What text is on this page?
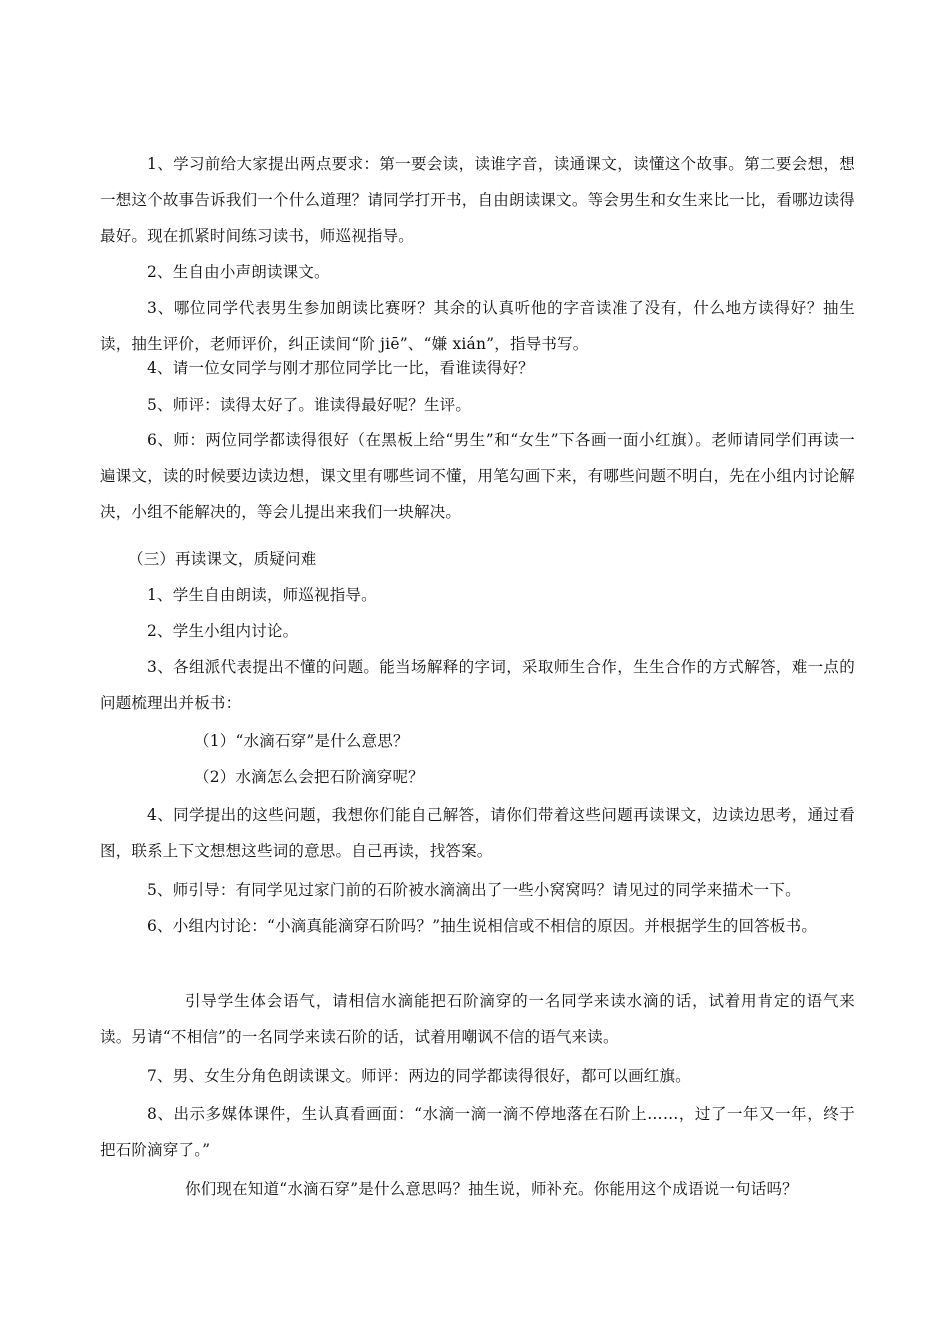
1、学习前给大家提出两点要求：第一要会读，读谁字音，读通课文，读懂这个故事。第二要会想，想一想这个故事告诉我们一个什么道理？请同学打开书，自由朗读课文。等会男生和女生来比一比，看哪边读得最好。现在抓紧时间练习读书，师巡视指导。

2、生自由小声朗读课文。

3、哪位同学代表男生参加朗读比赛呀？其余的认真听他的字音读准了没有，什么地方读得好？抽生读，抽生评价，老师评价，纠正读间“阶 jiē”、“嫌 xián”，指导书写。

4、请一位女同学与刚才那位同学比一比，看谁读得好？

5、师评：读得太好了。谁读得最好呢？生评。

6、师：两位同学都读得很好（在黑板上给“男生”和“女生”下各画一面小红旗）。老师请同学们再读一遍课文，读的时候要边读边想，课文里有哪些词不懂，用笔勾画下来，有哪些问题不明白，先在小组内讨论解决，小组不能解决的，等会儿提出来我们一块解决。

（三）再读课文，质疑问难

1、学生自由朗读，师巡视指导。

2、学生小组内讨论。

3、各组派代表提出不懂的问题。能当场解释的字词，采取师生合作，生生合作的方式解答，难一点的问题梳理出并板书：

（1）“水滴石穿”是什么意思？

（2）水滴怎么会把石阶滴穿呢？

4、同学提出的这些问题，我想你们能自己解答，请你们带着这些问题再读课文，边读边思考，通过看图，联系上下文想想这些词的意思。自己再读，找答案。

5、师引导：有同学见过家门前的石阶被水滴滴出了一些小窝窝吗？请见过的同学来描术一下。

6、小组内讨论：“小滴真能滴穿石阶吗？”抽生说相信或不相信的原因。并根据学生的回答板书。

引导学生体会语气，请相信水滴能把石阶滴穿的一名同学来读水滴的话，试着用肯定的语气来读。另请“不相信”的一名同学来读石阶的话，试着用嘲讽不信的语气来读。

7、男、女生分角色朗读课文。师评：两边的同学都读得很好，都可以画红旗。

8、出示多媒体课件，生认真看画面：“水滴一滴一滴不停地落在石阶上……，过了一年又一年，终于把石阶滴穿了。”

你们现在知道“水滴石穿”是什么意思吗？抽生说，师补充。你能用这个成语说一句话吗？
